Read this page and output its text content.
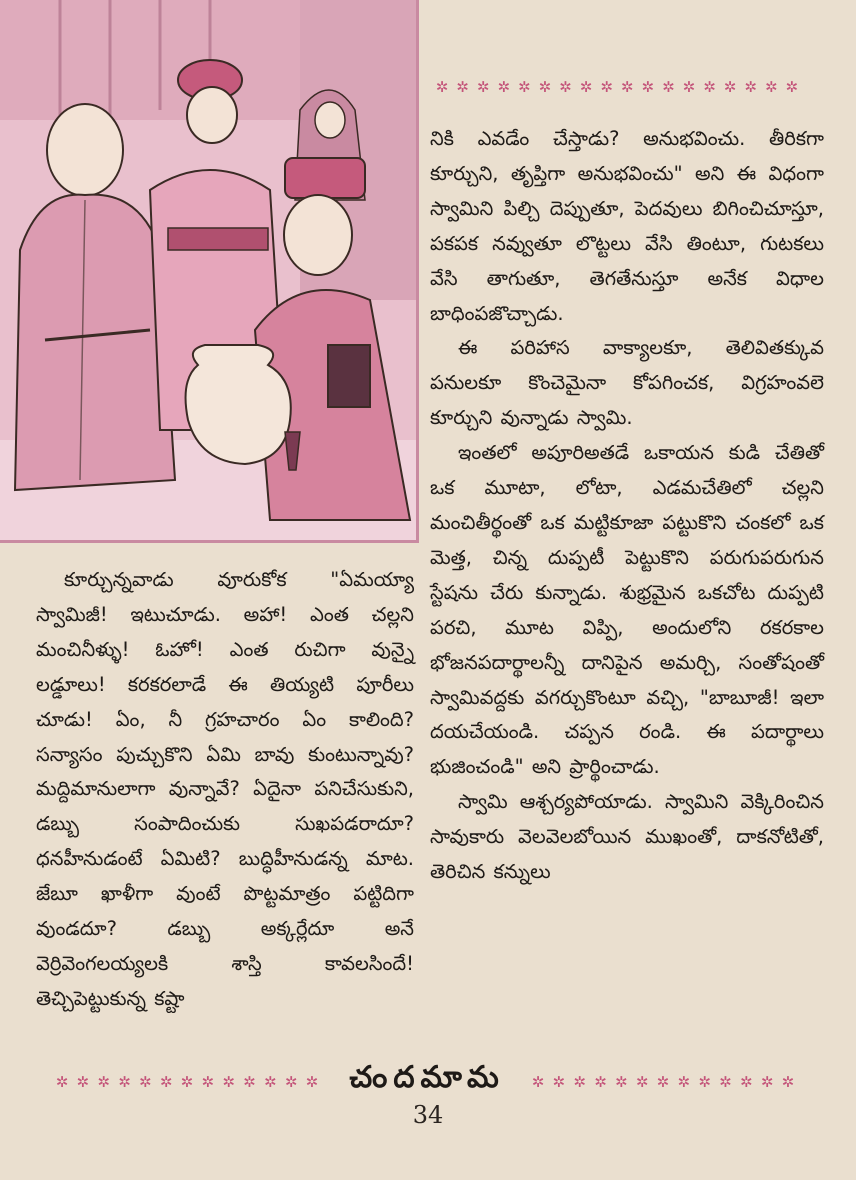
✲ ✲ ✲ ✲ ✲ ✲ ✲ ✲ ✲ ✲ ✲ ✲ ✲ ✲ ✲ ✲ ✲ ✲

నికి ఎవడేం చేస్తాడు? అనుభవించు. తీరికగా కూర్చుని, తృప్తిగా అనుభవించు" అని ఈ విధంగా స్వామిని పిల్చి దెప్పుతూ, పెదవులు బిగించిచూస్తూ, పకపక నవ్వుతూ లొట్టలు వేసి తింటూ, గుటకలు వేసి తాగుతూ, తెగతేనుస్తూ అనేక విధాల బాధింపజొచ్చాడు.

ఈ పరిహాస వాక్యాలకూ, తెలివితక్కువ పనులకూ కొంచెమైనా కోపగించక, విగ్రహంవలె కూర్చుని వున్నాడు స్వామి.

ఇంతలో అపూరిఅతడే ఒకాయన కుడి చేతితో ఒక మూటా, లోటా, ఎడమచేతిలో చల్లని మంచితీర్థంతో ఒక మట్టికూజా పట్టుకొని చంకలో ఒక మెత్త, చిన్న దుప్పటీ పెట్టుకొని పరుగుపరుగున స్టేషను చేరు కున్నాడు. శుభ్రమైన ఒకచోట దుప్పటి పరచి, మూట విప్పి, అందులోని రకరకాల భోజనపదార్థాలన్నీ దానిపైన అమర్చి, సంతోషంతో స్వామివద్దకు వగర్చుకొంటూ వచ్చి, "బాబూజీ! ఇలా దయచేయండి. చప్పన రండి. ఈ పదార్థాలు భుజించండి" అని ప్రార్థించాడు.

స్వామి ఆశ్చర్యపోయాడు. స్వామిని వెక్కిరించిన సావుకారు వెలవెలబోయిన ముఖంతో, దాకనోటితో, తెరిచిన కన్నులు

కూర్చున్నవాడు వూరుకోక "ఏమయ్యా స్వామిజీ! ఇటుచూడు. అహా! ఎంత చల్లని మంచినీళ్ళు! ఓహో! ఎంత రుచిగా వున్నై లడ్డూలు! కరకరలాడే ఈ తియ్యటి పూరీలు చూడు! ఏం, నీ గ్రహచారం ఏం కాలింది? సన్యాసం పుచ్చుకొని ఏమి బావు కుంటున్నావు? మద్దిమానులాగా వున్నావే? ఏదైనా పనిచేసుకుని, డబ్బు సంపాదించుకు సుఖపడరాదూ? ధనహీనుడంటే ఏమిటి? బుద్ధిహీనుడన్న మాట. జేబూ ఖాళీగా వుంటే పొట్టమాత్రం పట్టిదిగా వుండదూ? డబ్బు అక్కర్లేదూ అనే వెర్రివెంగలయ్యలకి శాస్తి కావలసిందే! తెచ్చిపెట్టుకున్న కష్టా

✲ ✲ ✲ ✲ ✲ ✲ ✲ ✲ ✲ ✲ ✲ ✲ ✲	చందమామ	✲ ✲ ✲ ✲ ✲ ✲ ✲ ✲ ✲ ✲ ✲ ✲ ✲
34
